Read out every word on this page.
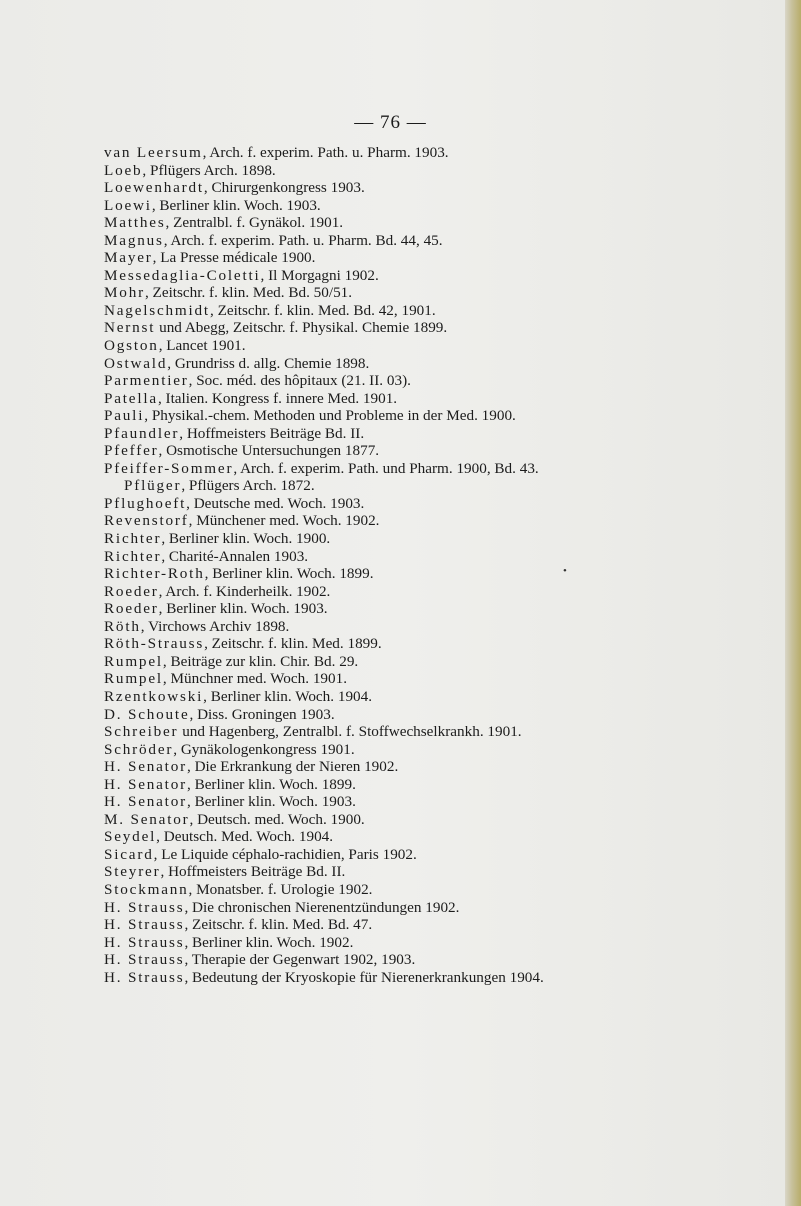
— 76 —
van Leersum, Arch. f. experim. Path. u. Pharm. 1903.
Loeb, Pflügers Arch. 1898.
Loewenhardt, Chirurgenkongress 1903.
Loewi, Berliner klin. Woch. 1903.
Matthes, Zentralbl. f. Gynäkol. 1901.
Magnus, Arch. f. experim. Path. u. Pharm. Bd. 44, 45.
Mayer, La Presse médicale 1900.
Messedaglia-Coletti, Il Morgagni 1902.
Mohr, Zeitschr. f. klin. Med. Bd. 50/51.
Nagelschmidt, Zeitschr. f. klin. Med. Bd. 42, 1901.
Nernst und Abegg, Zeitschr. f. Physikal. Chemie 1899.
Ogston, Lancet 1901.
Ostwald, Grundriss d. allg. Chemie 1898.
Parmentier, Soc. méd. des hôpitaux (21. II. 03).
Patella, Italien. Kongress f. innere Med. 1901.
Pauli, Physikal.-chem. Methoden und Probleme in der Med. 1900.
Pfaundler, Hoffmeisters Beiträge Bd. II.
Pfeffer, Osmotische Untersuchungen 1877.
Pfeiffer-Sommer, Arch. f. experim. Path. und Pharm. 1900, Bd. 43.
Pflüger, Pflügers Arch. 1872.
Pflughoeft, Deutsche med. Woch. 1903.
Revenstorf, Münchener med. Woch. 1902.
Richter, Berliner klin. Woch. 1900.
Richter, Charité-Annalen 1903.
Richter-Roth, Berliner klin. Woch. 1899.
Roeder, Arch. f. Kinderheilk. 1902.
Roeder, Berliner klin. Woch. 1903.
Röth, Virchows Archiv 1898.
Röth-Strauss, Zeitschr. f. klin. Med. 1899.
Rumpel, Beiträge zur klin. Chir. Bd. 29.
Rumpel, Münchner med. Woch. 1901.
Rzentkowski, Berliner klin. Woch. 1904.
D. Schoute, Diss. Groningen 1903.
Schreiber und Hagenberg, Zentralbl. f. Stoffwechselkrankh. 1901.
Schröder, Gynäkologenkongress 1901.
H. Senator, Die Erkrankung der Nieren 1902.
H. Senator, Berliner klin. Woch. 1899.
H. Senator, Berliner klin. Woch. 1903.
M. Senator, Deutsch. med. Woch. 1900.
Seydel, Deutsch. Med. Woch. 1904.
Sicard, Le Liquide céphalo-rachidien, Paris 1902.
Steyrer, Hoffmeisters Beiträge Bd. II.
Stockmann, Monatsber. f. Urologie 1902.
H. Strauss, Die chronischen Nierenentzündungen 1902.
H. Strauss, Zeitschr. f. klin. Med. Bd. 47.
H. Strauss, Berliner klin. Woch. 1902.
H. Strauss, Therapie der Gegenwart 1902, 1903.
H. Strauss, Bedeutung der Kryoskopie für Nierenerkrankungen 1904.
•
